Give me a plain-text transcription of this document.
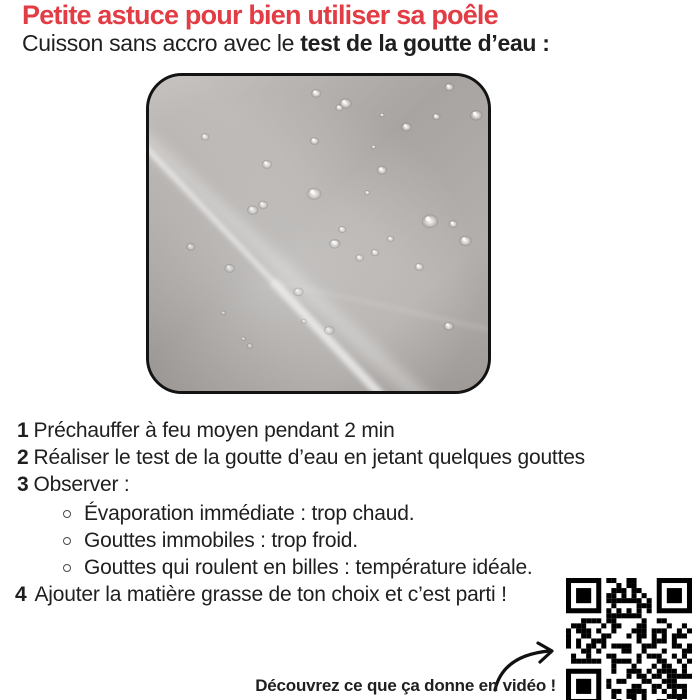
Petite astuce pour bien utiliser sa poêle

Cuisson sans accro avec le test de la goutte d’eau :

1 Préchauffer à feu moyen pendant 2 min
2 Réaliser le test de la goutte d’eau en jetant quelques gouttes
3 Observer :
Évaporation immédiate : trop chaud.
Gouttes immobiles : trop froid.
Gouttes qui roulent en billes : température idéale.
4 Ajouter la matière grasse de ton choix et c’est parti !
Découvrez ce que ça donne en vidéo !
